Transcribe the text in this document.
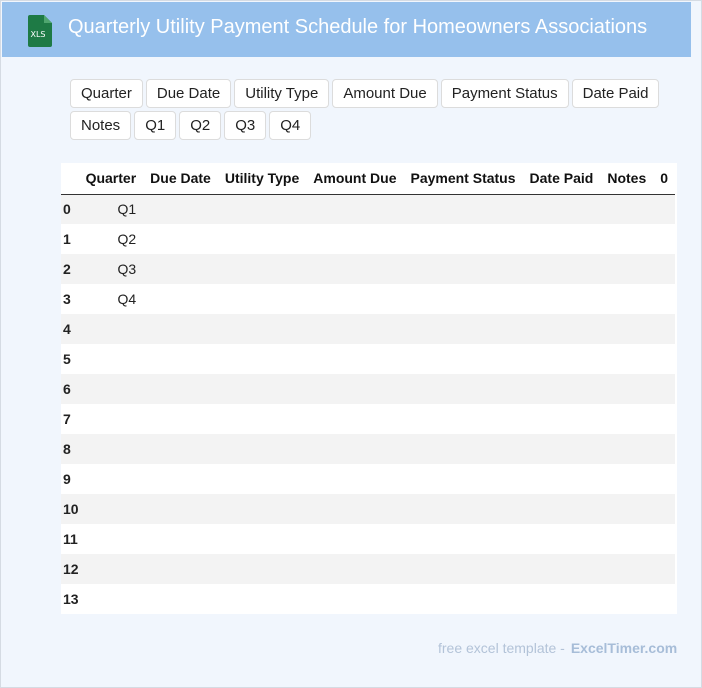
XLS Quarterly Utility Payment Schedule for Homeowners Associations
Quarter	Due Date	Utility Type	Amount Due	Payment Status	Date Paid
Notes	Q1	Q2	Q3	Q4
	Quarter	Due Date	Utility Type	Amount Due	Payment Status	Date Paid	Notes	0
0	Q1							
1	Q2							
2	Q3							
3	Q4							
4								
5								
6								
7								
8								
9								
10								
11								
12								
13								
free excel template - ExcelTimer.com
